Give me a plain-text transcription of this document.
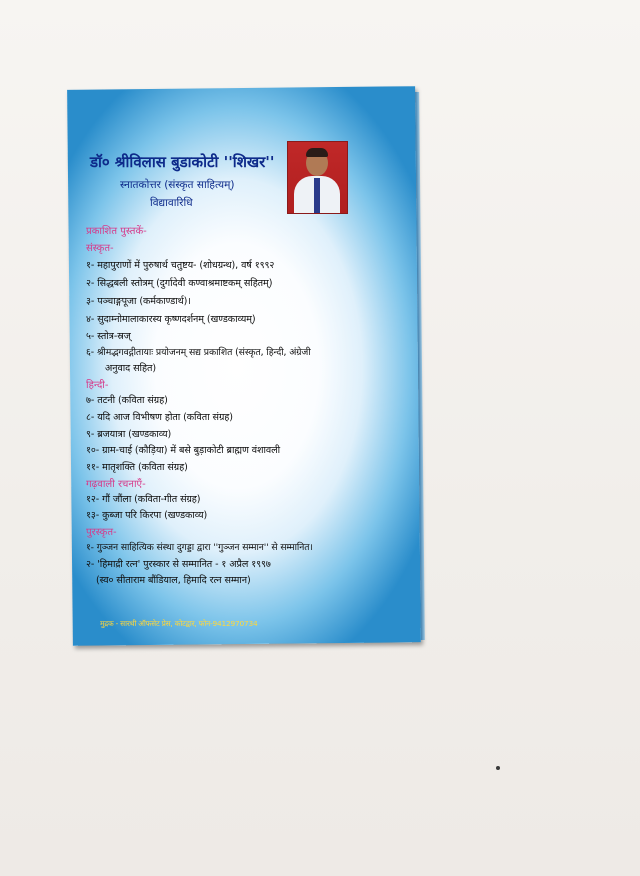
डॉ० श्रीविलास बुडाकोटी ''शिखर''
स्नातकोत्तर (संस्कृत साहित्यम्)
विद्यावारिधि
प्रकाशित पुस्तकें-
संस्कृत-
१- महापुराणों में पुरुषार्थ चतुष्टय- (शोधग्रन्थ), वर्ष १९९२
२- सिद्धबली स्तोत्रम् (दुर्गादेवी कण्वाश्रमाष्टकम् सहितम्)
३- पञ्चाङ्गपूजा (कर्मकाण्डार्थ)।
४- सुदाम्नोमालाकारस्य कृष्णदर्शनम् (खण्डकाव्यम्)
५- स्तोत्र-स्रज्
६- श्रीमद्भगवद्गीतायाः प्रयोजनम् सद्य प्रकाशित (संस्कृत, हिन्दी, अंग्रेजी
अनुवाद सहित)
हिन्दी-
७- तटनी (कविता संग्रह)
८- यदि आज विभीषण होता (कविता संग्रह)
९- ब्रजयात्रा (खण्डकाव्य)
१०- ग्राम-चाई (कौड़िया) में बसे बुड़ाकोटी ब्राह्मण वंशावली
११- मातृशक्ति (कविता संग्रह)
गढ़वाली रचनाएँ-
१२- गौं जौंला (कविता-गीत संग्रह)
१३- कुब्जा परि किरपा (खण्डकाव्य)
पुरस्कृत-
१- गुञ्जन साहित्यिक संस्था दुगड्डा द्वारा ''गुञ्जन सम्मान'' से सम्मानित।
२- 'हिमाद्री रत्न' पुरस्कार से सम्मानित - १ अप्रैल १९९७
(स्व० सीताराम बौंडियाल, हिमादि रत्न सम्मान)
मुद्रक - सारथी ऑफसेट प्रेस, कोटद्वार, फोन-9412970734
